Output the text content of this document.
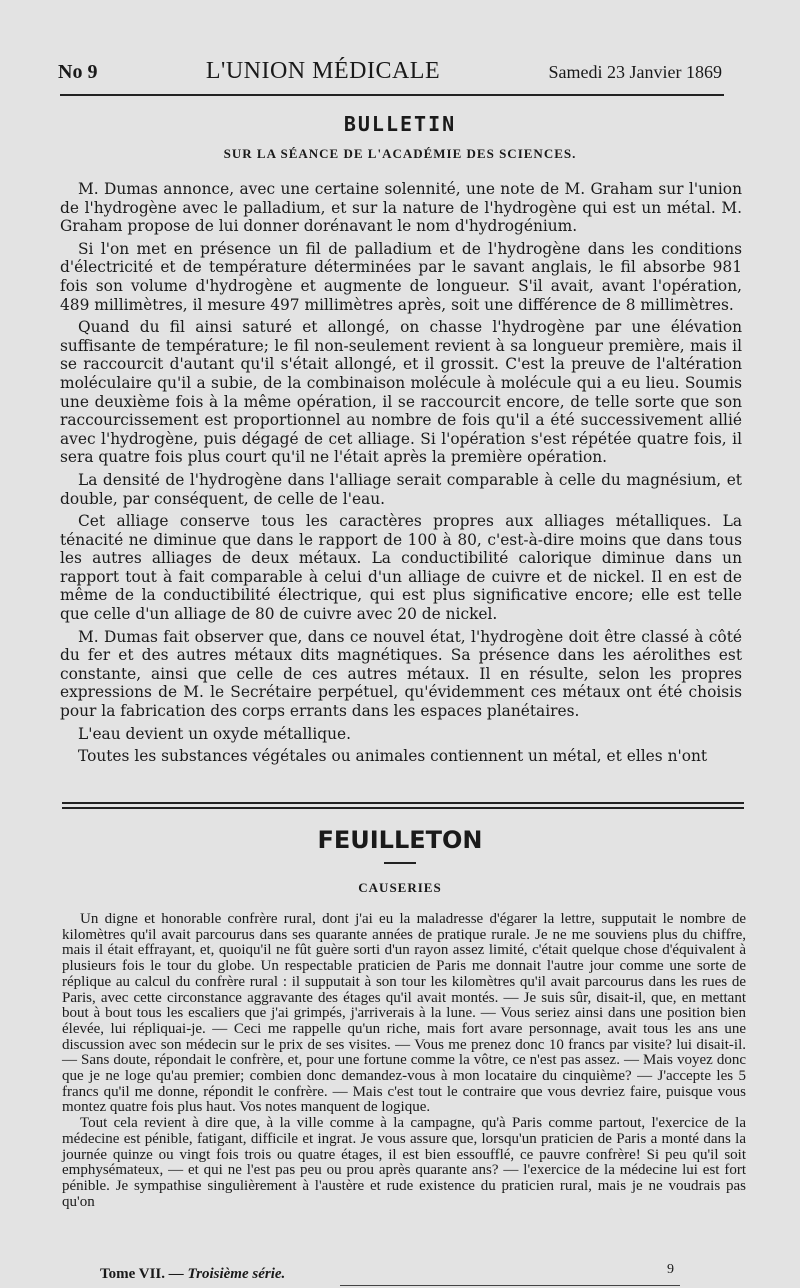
No 9	L'UNION MÉDICALE	Samedi 23 Janvier 1869
BULLETIN
SUR LA SÉANCE DE L'ACADÉMIE DES SCIENCES.

M. Dumas annonce, avec une certaine solennité, une note de M. Graham sur l'union de l'hydrogène avec le palladium, et sur la nature de l'hydrogène qui est un métal. M. Graham propose de lui donner dorénavant le nom d'hydrogénium.

Si l'on met en présence un fil de palladium et de l'hydrogène dans les conditions d'électricité et de température déterminées par le savant anglais, le fil absorbe 981 fois son volume d'hydrogène et augmente de longueur. S'il avait, avant l'opération, 489 millimètres, il mesure 497 millimètres après, soit une différence de 8 millimètres.

Quand du fil ainsi saturé et allongé, on chasse l'hydrogène par une élévation suffisante de température; le fil non-seulement revient à sa longueur première, mais il se raccourcit d'autant qu'il s'était allongé, et il grossit. C'est la preuve de l'altération moléculaire qu'il a subie, de la combinaison molécule à molécule qui a eu lieu. Soumis une deuxième fois à la même opération, il se raccourcit encore, de telle sorte que son raccourcissement est proportionnel au nombre de fois qu'il a été successivement allié avec l'hydrogène, puis dégagé de cet alliage. Si l'opération s'est répétée quatre fois, il sera quatre fois plus court qu'il ne l'était après la première opération.

La densité de l'hydrogène dans l'alliage serait comparable à celle du magnésium, et double, par conséquent, de celle de l'eau.

Cet alliage conserve tous les caractères propres aux alliages métalliques. La ténacité ne diminue que dans le rapport de 100 à 80, c'est-à-dire moins que dans tous les autres alliages de deux métaux. La conductibilité calorique diminue dans un rapport tout à fait comparable à celui d'un alliage de cuivre et de nickel. Il en est de même de la conductibilité électrique, qui est plus significative encore; elle est telle que celle d'un alliage de 80 de cuivre avec 20 de nickel.

M. Dumas fait observer que, dans ce nouvel état, l'hydrogène doit être classé à côté du fer et des autres métaux dits magnétiques. Sa présence dans les aérolithes est constante, ainsi que celle de ces autres métaux. Il en résulte, selon les propres expressions de M. le Secrétaire perpétuel, qu'évidemment ces métaux ont été choisis pour la fabrication des corps errants dans les espaces planétaires.

L'eau devient un oxyde métallique.

Toutes les substances végétales ou animales contiennent un métal, et elles n'ont

FEUILLETON
CAUSERIES

Un digne et honorable confrère rural, dont j'ai eu la maladresse d'égarer la lettre, supputait le nombre de kilomètres qu'il avait parcourus dans ses quarante années de pratique rurale. Je ne me souviens plus du chiffre, mais il était effrayant, et, quoiqu'il ne fût guère sorti d'un rayon assez limité, c'était quelque chose d'équivalent à plusieurs fois le tour du globe. Un respectable praticien de Paris me donnait l'autre jour comme une sorte de réplique au calcul du confrère rural : il supputait à son tour les kilomètres qu'il avait parcourus dans les rues de Paris, avec cette circonstance aggravante des étages qu'il avait montés. — Je suis sûr, disait-il, que, en mettant bout à bout tous les escaliers que j'ai grimpés, j'arriverais à la lune. — Vous seriez ainsi dans une position bien élevée, lui répliquai-je. — Ceci me rappelle qu'un riche, mais fort avare personnage, avait tous les ans une discussion avec son médecin sur le prix de ses visites. — Vous me prenez donc 10 francs par visite? lui disait-il. — Sans doute, répondait le confrère, et, pour une fortune comme la vôtre, ce n'est pas assez. — Mais voyez donc que je ne loge qu'au premier; combien donc demandez-vous à mon locataire du cinquième? — J'accepte les 5 francs qu'il me donne, répondit le confrère. — Mais c'est tout le contraire que vous devriez faire, puisque vous montez quatre fois plus haut. Vos notes manquent de logique.

Tout cela revient à dire que, à la ville comme à la campagne, qu'à Paris comme partout, l'exercice de la médecine est pénible, fatigant, difficile et ingrat. Je vous assure que, lorsqu'un praticien de Paris a monté dans la journée quinze ou vingt fois trois ou quatre étages, il est bien essoufflé, ce pauvre confrère! Si peu qu'il soit emphysémateux, — et qui ne l'est pas peu ou prou après quarante ans? — l'exercice de la médecine lui est fort pénible. Je sympathise singulièrement à l'austère et rude existence du praticien rural, mais je ne voudrais pas qu'on

Tome VII. — Troisième série.	9
